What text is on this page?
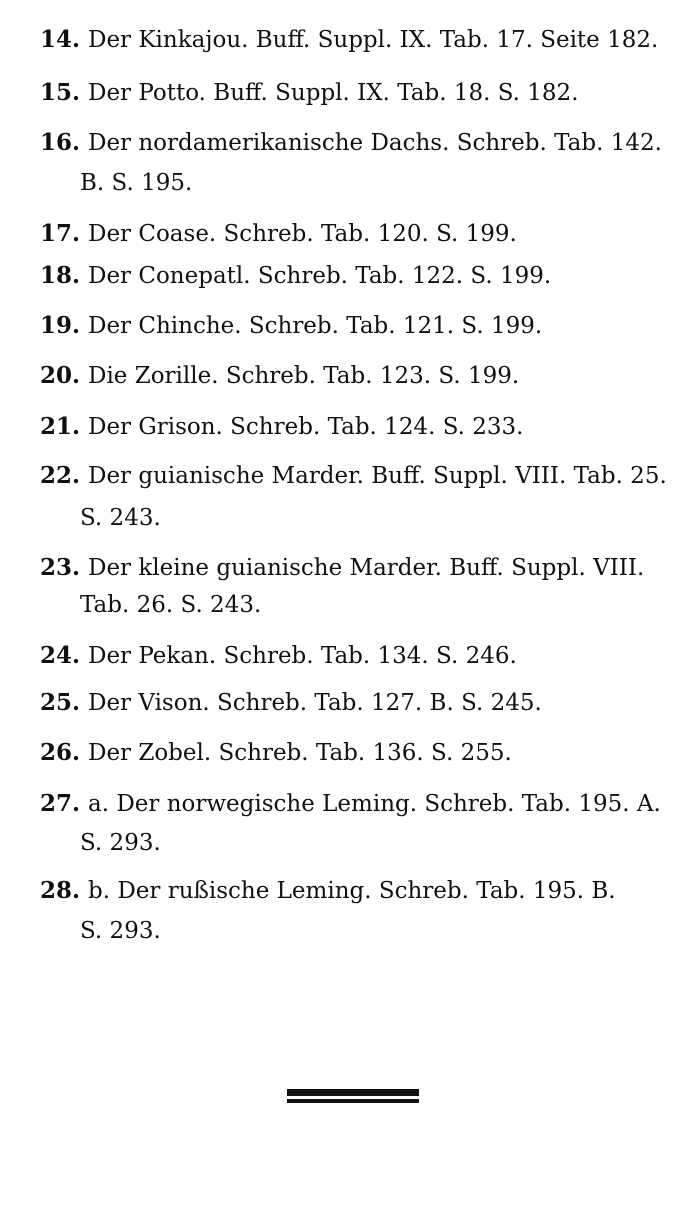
14. Der Kinkajou. Buff. Suppl. IX. Tab. 17. Seite 182.
15. Der Potto. Buff. Suppl. IX. Tab. 18. S. 182.
16. Der nordamerikanische Dachs. Schreb. Tab. 142.
B. S. 195.
17. Der Coase. Schreb. Tab. 120. S. 199.
18. Der Conepatl. Schreb. Tab. 122. S. 199.
19. Der Chinche. Schreb. Tab. 121. S. 199.
20. Die Zorille. Schreb. Tab. 123. S. 199.
21. Der Grison. Schreb. Tab. 124. S. 233.
22. Der guianische Marder. Buff. Suppl. VIII. Tab. 25.
S. 243.
23. Der kleine guianische Marder. Buff. Suppl. VIII.
Tab. 26. S. 243.
24. Der Pekan. Schreb. Tab. 134. S. 246.
25. Der Vison. Schreb. Tab. 127. B. S. 245.
26. Der Zobel. Schreb. Tab. 136. S. 255.
27. a. Der norwegische Leming. Schreb. Tab. 195. A.
S. 293.
28. b. Der rußische Leming. Schreb. Tab. 195. B.
S. 293.
